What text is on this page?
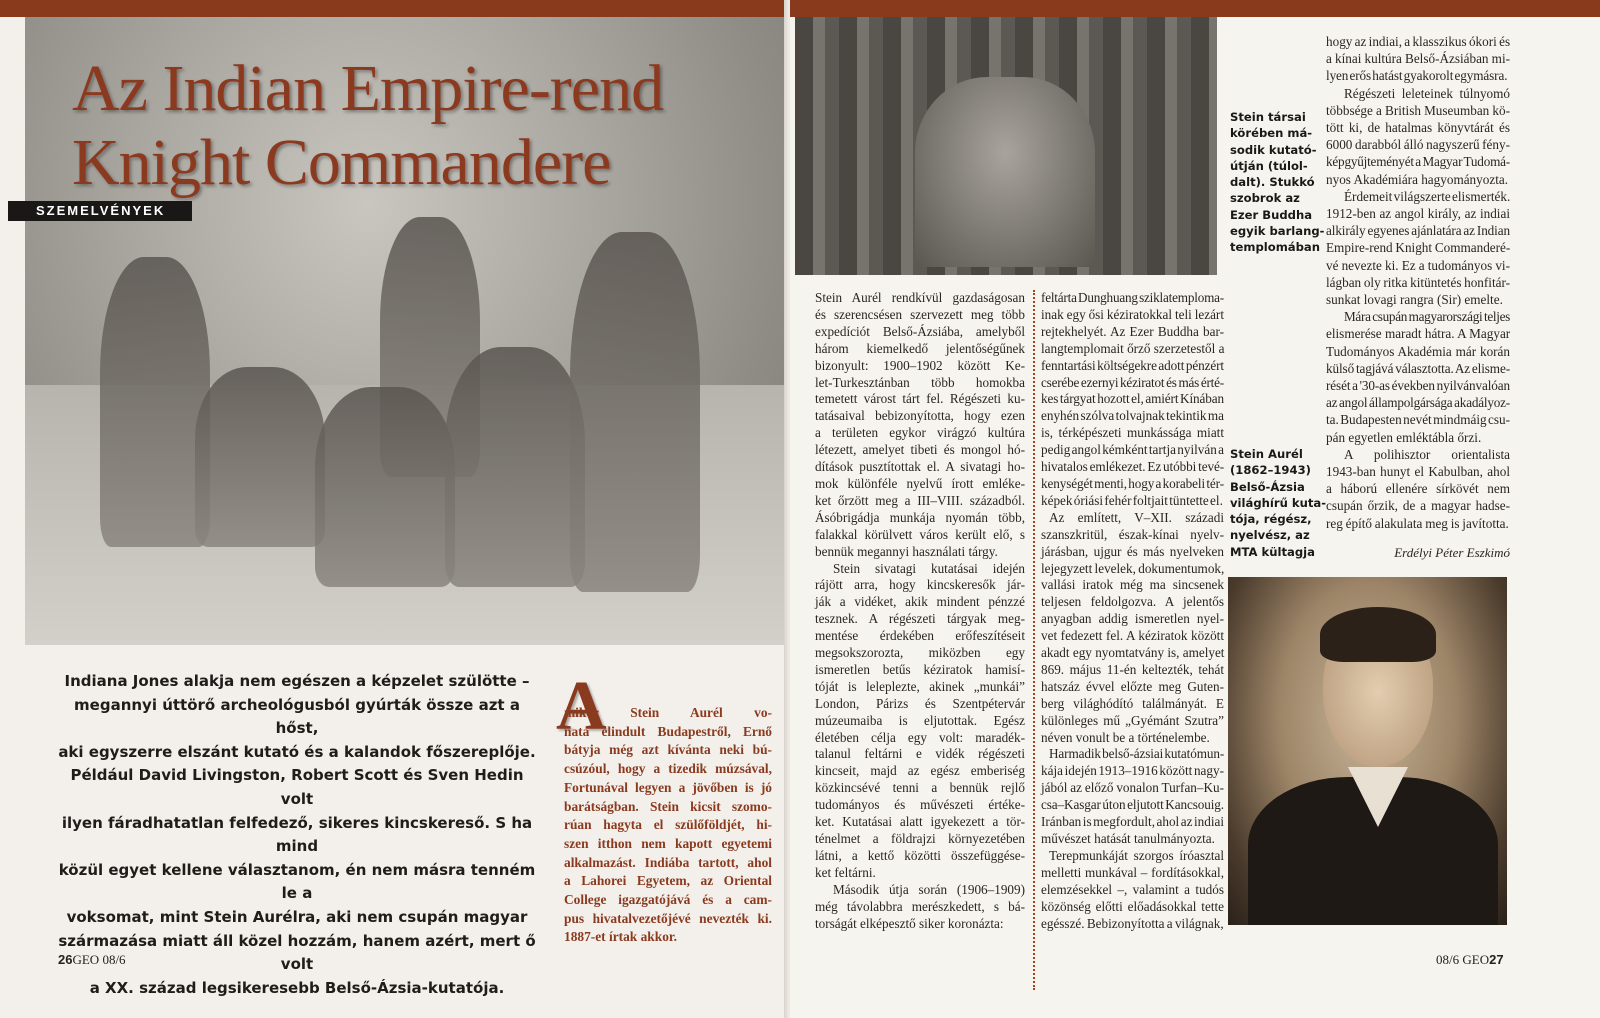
Az Indian Empire-rend
Knight Commandere
SZEMELVÉNYEK
Indiana Jones alakja nem egészen a képzelet szülötte –
megannyi úttörő archeológusból gyúrták össze azt a hőst,
aki egyszerre elszánt kutató és a kalandok főszereplője.
Például David Livingston, Robert Scott és Sven Hedin volt
ilyen fáradhatatlan felfedező, sikeres kincskereső. S ha mind
közül egyet kellene választanom, én nem másra tenném le a
voksomat, mint Stein Aurélra, aki nem csupán magyar
származása miatt áll közel hozzám, hanem azért, mert ő volt
a XX. század legsikeresebb Belső-Ázsia-kutatója.
A
mikor Stein Aurél vo-
nata elindult Budapestről, Ernő
bátyja még azt kívánta neki bú-
csúzóul, hogy a tizedik múzsával,
Fortunával legyen a jövőben is jó
barátságban. Stein kicsit szomo-
rúan hagyta el szülőföldjét, hi-
szen itthon nem kapott egyetemi
alkalmazást. Indiába tartott, ahol
a Lahorei Egyetem, az Oriental
College igazgatójává és a cam-
pus hivatalvezetőjévé nevezték ki.
1887-et írtak akkor.
26GEO 08/6
Stein társai
körében má-
sodik kutató-
útján (túlol-
dalt). Stukkó
szobrok az
Ezer Buddha
egyik barlang-
templomában
Stein Aurél
(1862–1943)
Belső-Ázsia
világhírű kuta-
tója, régész,
nyelvész, az
MTA kültagja
Stein Aurél rendkívül gazdaságosan
és szerencsésen szervezett meg több
expedíciót Belső-Ázsiába, amelyből
három kiemelkedő jelentőségűnek
bizonyult: 1900–1902 között Ke-
let-Turkesztánban több homokba
temetett várost tárt fel. Régészeti ku-
tatásaival bebizonyította, hogy ezen
a területen egykor virágzó kultúra
létezett, amelyet tibeti és mongol hó-
dítások pusztítottak el. A sivatagi ho-
mok különféle nyelvű írott emléke-
ket őrzött meg a III–VIII. századból.
Ásóbrigádja munkája nyomán több,
falakkal körülvett város került elő, s
bennük megannyi használati tárgy.
Stein sivatagi kutatásai idején
rájött arra, hogy kincskeresők jár-
ják a vidéket, akik mindent pénzzé
tesznek. A régészeti tárgyak meg-
mentése érdekében erőfeszítéseit
megsokszorozta, miközben egy
ismeretlen betűs kéziratok hamisí-
tóját is leleplezte, akinek „munkái”
London, Párizs és Szentpétervár
múzeumaiba is eljutottak. Egész
életében célja egy volt: maradék-
talanul feltárni e vidék régészeti
kincseit, majd az egész emberiség
közkincsévé tenni a bennük rejlő
tudományos és művészeti értéke-
ket. Kutatásai alatt igyekezett a tör-
ténelmet a földrajzi környezetében
látni, a kettő közötti összefüggése-
ket feltárni.
Második útja során (1906–1909)
még távolabbra merészkedett, s bá-
torságát elképesztő siker koronázta:
feltárta Dunghuang sziklatemploma-
inak egy ősi kéziratokkal teli lezárt
rejtekhelyét. Az Ezer Buddha bar-
langtemplomait őrző szerzetestől a
fenntartási költségekre adott pénzért
cserébe ezernyi kéziratot és más érté-
kes tárgyat hozott el, amiért Kínában
enyhén szólva tolvajnak tekintik ma
is, térképészeti munkássága miatt
pedig angol kémként tartja nyilván a
hivatalos emlékezet. Ez utóbbi tevé-
kenységét menti, hogy a korabeli tér-
képek óriási fehér foltjait tüntette el.
Az említett, V–XII. századi
szanszkritül, észak-kínai nyelv-
járásban, ujgur és más nyelveken
lejegyzett levelek, dokumentumok,
vallási iratok még ma sincsenek
teljesen feldolgozva. A jelentős
anyagban addig ismeretlen nyel-
vet fedezett fel. A kéziratok között
akadt egy nyomtatvány is, amelyet
869. május 11-én keltezték, tehát
hatszáz évvel előzte meg Guten-
berg világhódító találmányát. E
különleges mű „Gyémánt Szutra”
néven vonult be a történelembe.
Harmadik belső-ázsiai kutatómun-
kája idején 1913–1916 között nagy-
jából az előző vonalon Turfan–Ku-
csa–Kasgar úton eljutott Kancsouig.
Iránban is megfordult, ahol az indiai
művészet hatását tanulmányozta.
Terepmunkáját szorgos íróasztal
melletti munkával – fordításokkal,
elemzésekkel –, valamint a tudós
közönség előtti előadásokkal tette
egésszé. Bebizonyította a világnak,
hogy az indiai, a klasszikus ókori és
a kínai kultúra Belső-Ázsiában mi-
lyen erős hatást gyakorolt egymásra.
Régészeti leleteinek túlnyomó
többsége a British Museumban kö-
tött ki, de hatalmas könyvtárát és
6000 darabból álló nagyszerű fény-
képgyűjteményét a Magyar Tudomá-
nyos Akadémiára hagyományozta.
Érdemeit világszerte elismerték.
1912-ben az angol király, az indiai
alkirály egyenes ajánlatára az Indian
Empire-rend Knight Commanderé-
vé nevezte ki. Ez a tudományos vi-
lágban oly ritka kitüntetés honfitár-
sunkat lovagi rangra (Sir) emelte.
Mára csupán magyarországi teljes
elismerése maradt hátra. A Magyar
Tudományos Akadémia már korán
külső tagjává választotta. Az elisme-
rését a '30-as években nyilvánvalóan
az angol állampolgársága akadályoz-
ta. Budapesten nevét mindmáig csu-
pán egyetlen emléktábla őrzi.
A polihisztor orientalista
1943-ban hunyt el Kabulban, ahol
a háború ellenére sírkövét nem
csupán őrzik, de a magyar hadse-
reg építő alakulata meg is javította.
Erdélyi Péter Eszkimó
08/6 GEO27
